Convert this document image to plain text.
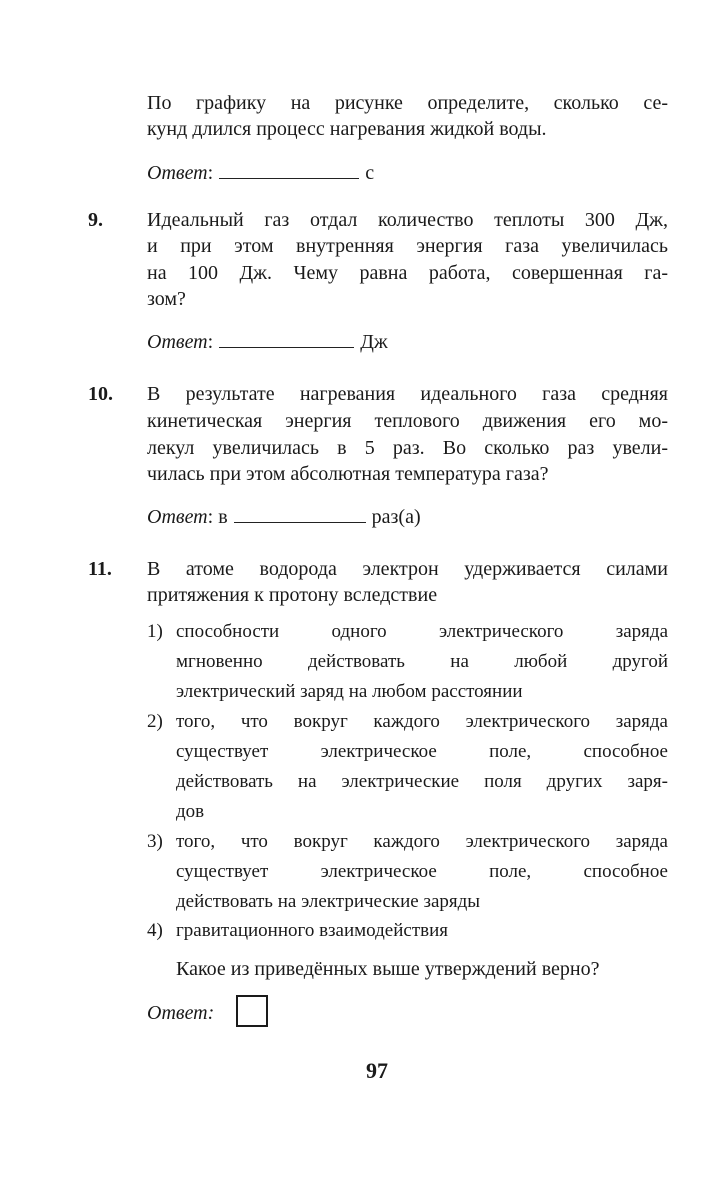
По графику на рисунке определите, сколько се-
кунд длился процесс нагревания жидкой воды.
Ответ:	с
9. Идеальный газ отдал количество теплоты 300 Дж,
и при этом внутренняя энергия газа увеличилась
на 100 Дж. Чему равна работа, совершенная га-
зом?
Ответ:	Дж
10. В результате нагревания идеального газа средняя
кинетическая энергия теплового движения его мо-
лекул увеличилась в 5 раз. Во сколько раз увели-
чилась при этом абсолютная температура газа?
Ответ: в	раз(а)
11. В атоме водорода электрон удерживается силами
притяжения к протону вследствие
1) способности одного электрического заряда
мгновенно действовать на любой другой
электрический заряд на любом расстоянии
2) того, что вокруг каждого электрического заряда
существует электрическое поле, способное
действовать на электрические поля других заря-
дов
3) того, что вокруг каждого электрического заряда
существует электрическое поле, способное
действовать на электрические заряды
4) гравитационного взаимодействия
Какое из приведённых выше утверждений верно?
Ответ:
97
